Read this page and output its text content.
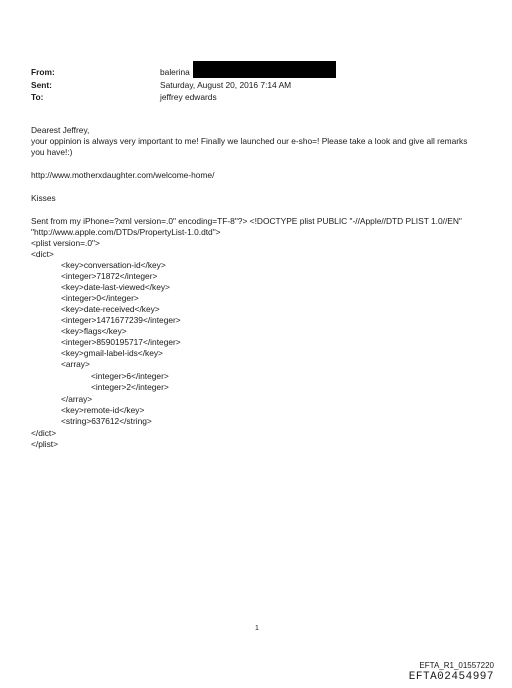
From:	balerina
Sent:	Saturday, August 20, 2016 7:14 AM
To:	jeffrey edwards
Dearest Jeffrey,
your oppinion is always very important to me! Finally we launched our e-sho=! Please take a look and give all remarks
you have!:)
http://www.motherxdaughter.com/welcome-home/
Kisses
Sent from my iPhone=?xml version=.0" encoding=TF-8"?> <!DOCTYPE plist PUBLIC "-//Apple//DTD PLIST 1.0//EN"
"http://www.apple.com/DTDs/PropertyList-1.0.dtd">
<plist version=.0">
<dict>
<key>conversation-id</key>
<integer>71872</integer>
<key>date-last-viewed</key>
<integer>0</integer>
<key>date-received</key>
<integer>1471677239</integer>
<key>flags</key>
<integer>8590195717</integer>
<key>gmail-label-ids</key>
<array>
<integer>6</integer>
<integer>2</integer>
</array>
<key>remote-id</key>
<string>637612</string>
</dict>
</plist>
1
EFTA_R1_01557220
EFTA02454997
